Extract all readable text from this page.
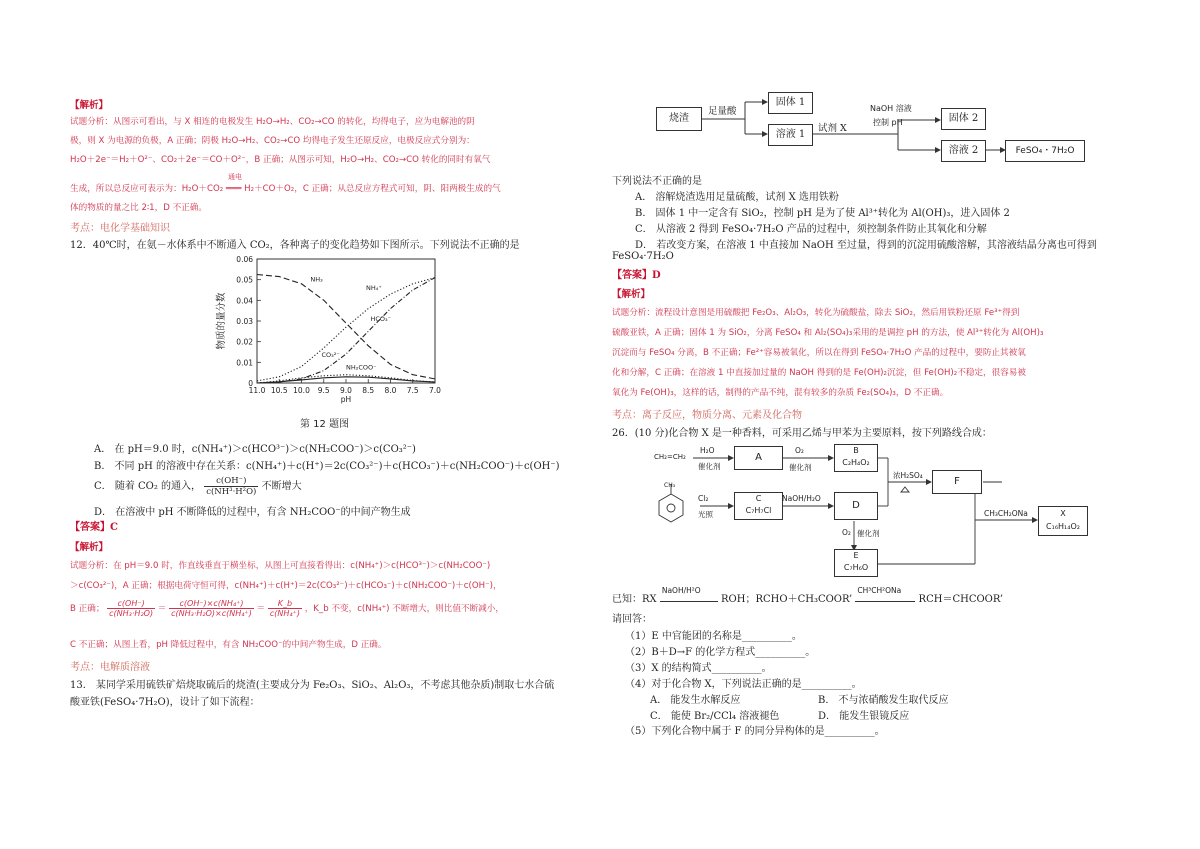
【解析】
试题分析：从图示可看出，与 X 相连的电极发生 H₂O→H₂、CO₂→CO 的转化，均得电子，应为电解池的阴
极，则 X 为电源的负极，A 正确；阴极 H₂O→H₂、CO₂→CO 均得电子发生还原反应，电极反应式分别为：
H₂O＋2e⁻＝H₂＋O²⁻、CO₂＋2e⁻＝CO＋O²⁻，B 正确；从图示可知，H₂O→H₂、CO₂→CO 转化的同时有氧气
通电
生成，所以总反应可表示为：H₂O＋CO₂ ═══ H₂＋CO＋O₂，C 正确；从总反应方程式可知，阴、阳两极生成的气
体的物质的量之比 2∶1，D 不正确。
考点：电化学基础知识
12．40℃时，在氨－水体系中不断通入 CO₂，各种离子的变化趋势如下图所示。下列说法不正确的是
0
0.01
0.02
0.03
0.04
0.05
0.06
11.0 10.5 10.0 9.5 9.0 8.5 8.0 7.5 7.0
pH
物质的量分数
NH₃
NH₄⁺
HCO₃⁻
CO₃²⁻
NH₂COO⁻
第 12 题图
A． 在 pH＝9.0 时，c(NH₄⁺)＞c(HCO³⁻)＞c(NH₂COO⁻)＞c(CO₃²⁻)
B． 不同 pH 的溶液中存在关系：c(NH₄⁺)＋c(H⁺)＝2c(CO₃²⁻)＋c(HCO₃⁻)＋c(NH₂COO⁻)＋c(OH⁻)
C． 随着 CO₂ 的通入， $\frac{c(OH^-)}{\text{c(NH³·H²O)}}$ 不断增大
D． 在溶液中 pH 不断降低的过程中，有含 NH₂COO⁻的中间产物生成
【答案】C
【解析】
试题分析：在 pH＝9.0 时，作直线垂直于横坐标，从图上可直接看得出：c(NH₄⁺)＞c(HCO³⁻)＞c(NH₂COO⁻)
＞c(CO₃²⁻)，A 正确；根据电荷守恒可得，c(NH₄⁺)＋c(H⁺)＝2c(CO₃²⁻)＋c(HCO₃⁻)＋c(NH₂COO⁻)＋c(OH⁻)，
B 正确； $\frac{c(OH^-)}{\text{c(NH₃·H₂O)}} = \frac{\text{c(OH⁻)×c(NH₄⁺)}}{\text{c(NH₃·H₂O)×c(NH₄⁺)}} = \frac{K\_b}{\text{c(NH₄⁺)}}$ ，K_b 不变，c(NH₄⁺) 不断增大，则比值不断减小，
C 不正确；从图上看，pH 降低过程中，有含 NH₂COO⁻的中间产物生成，D 正确。
考点：电解质溶液
13． 某同学采用硫铁矿焙烧取硫后的烧渣(主要成分为 Fe₂O₃、SiO₂、Al₂O₃，不考虑其他杂质)制取七水合硫
酸亚铁(FeSO₄·7H₂O)，设计了如下流程：
烧渣
足量酸
固体 1
溶液 1
试剂 X
NaOH 溶液
控制 pH	固体 2
溶液 2	FeSO₄・7H₂O
下列说法不正确的是
A． 溶解烧渣选用足量硫酸，试剂 X 选用铁粉
B． 固体 1 中一定含有 SiO₂，控制 pH 是为了使 Al³⁺转化为 Al(OH)₃，进入固体 2
C． 从溶液 2 得到 FeSO₄·7H₂O 产品的过程中，须控制条件防止其氧化和分解
D． 若改变方案，在溶液 1 中直接加 NaOH 至过量，得到的沉淀用硫酸溶解，其溶液结晶分离也可得到
FeSO₄·7H₂O
【答案】D
【解析】
试题分析：流程设计意图是用硫酸把 Fe₂O₃、Al₂O₃，转化为硫酸盐，除去 SiO₂，然后用铁粉还原 Fe³⁺得到
硫酸亚铁，A 正确；固体 1 为 SiO₂，分离 FeSO₄ 和 Al₂(SO₄)₃采用的是调控 pH 的方法，使 Al³⁺转化为 Al(OH)₃
沉淀而与 FeSO₄ 分离，B 不正确；Fe²⁺容易被氧化，所以在得到 FeSO₄·7H₂O 产品的过程中，要防止其被氧
化和分解，C 正确；在溶液 1 中直接加过量的 NaOH 得到的是 Fe(OH)₂沉淀，但 Fe(OH)₂不稳定，很容易被
氧化为 Fe(OH)₃，这样的话，制得的产品不纯，混有较多的杂质 Fe₂(SO₄)₃，D 不正确。
考点：离子反应，物质分离、元素及化合物
26．(10 分)化合物 X 是一种香料，可采用乙烯与甲苯为主要原料，按下列路线合成：
CH₂=CH₂
H₂O
催化剂
A
O₂
催化剂
B
C₂H₄O₂
浓H₂SO₄
F
CH₃
Cl₂
光照
C
C₇H₇Cl
NaOH/H₂O
D
O₂ 催化剂
E
C₇H₆O
CH₃CH₂ONa	X
C₁₆H₁₄O₂
已知：RX
NaOH/H²O
ROH；RCHO＋CH₃COOR’
CH³CH²ONa
RCH＝CHCOOR’
请回答：
（1）E 中官能团的名称是__________。
（2）B＋D→F 的化学方程式__________。
（3）X 的结构简式__________。
（4）对于化合物 X，下列说法正确的是__________。
A． 能发生水解反应	B． 不与浓硝酸发生取代反应
C． 能使 Br₂/CCl₄ 溶液褪色	D． 能发生银镜反应
（5）下列化合物中属于 F 的同分异构体的是__________。
